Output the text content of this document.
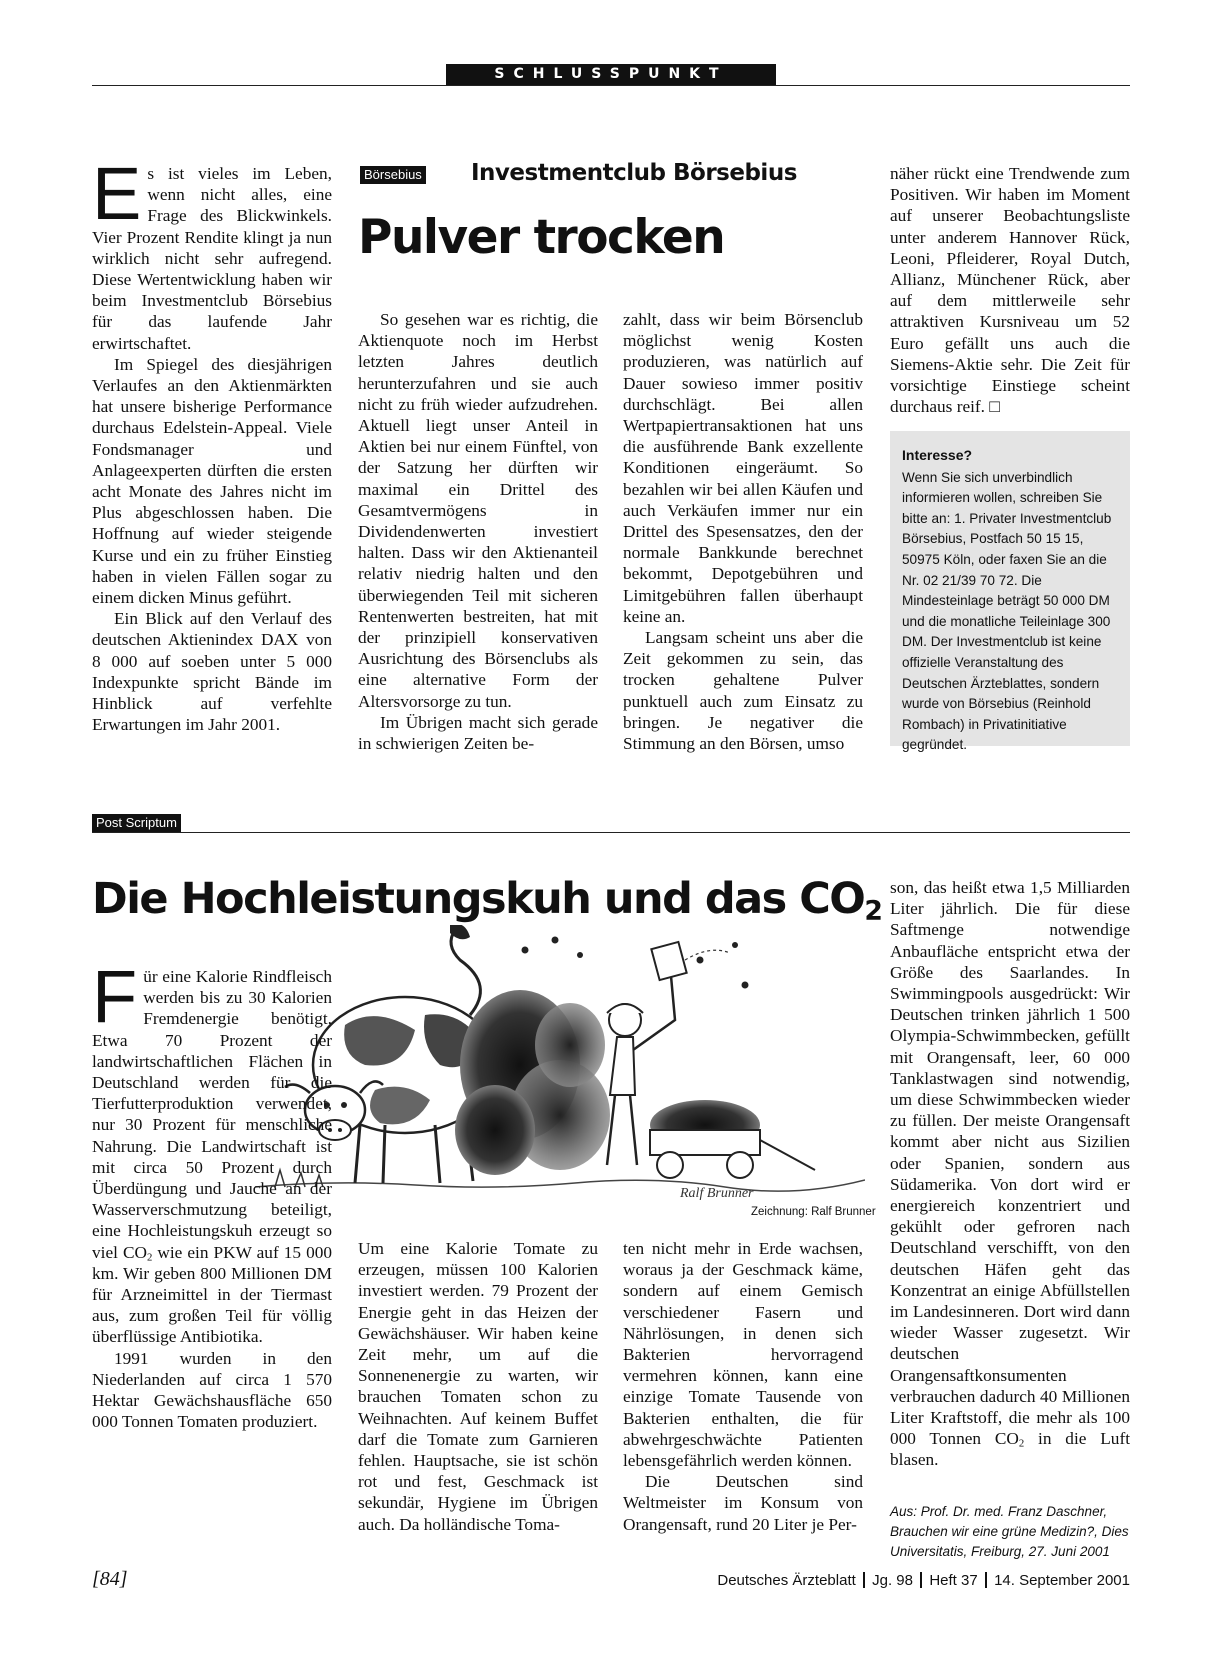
SCHLUSSPUNKT

Es ist vieles im Leben, wenn nicht alles, eine Frage des Blickwinkels. Vier Prozent Rendite klingt ja nun wirklich nicht sehr aufregend. Diese Wertentwicklung haben wir beim Investmentclub Börsebius für das laufende Jahr erwirtschaftet.

Im Spiegel des diesjährigen Verlaufes an den Aktienmärkten hat unsere bisherige Performance durchaus Edelstein-Appeal. Viele Fondsmanager und Anlageexperten dürften die ersten acht Monate des Jahres nicht im Plus abgeschlossen haben. Die Hoffnung auf wieder steigende Kurse und ein zu früher Einstieg haben in vielen Fällen sogar zu einem dicken Minus geführt.

Ein Blick auf den Verlauf des deutschen Aktienindex DAX von 8 000 auf soeben unter 5 000 Indexpunkte spricht Bände im Hinblick auf verfehlte Erwartungen im Jahr 2001.

Börsebius Investmentclub Börsebius
Pulver trocken

So gesehen war es richtig, die Aktienquote noch im Herbst letzten Jahres deutlich herunterzufahren und sie auch nicht zu früh wieder aufzudrehen. Aktuell liegt unser Anteil in Aktien bei nur einem Fünftel, von der Satzung her dürften wir maximal ein Drittel des Gesamtvermögens in Dividendenwerten investiert halten. Dass wir den Aktienanteil relativ niedrig halten und den überwiegenden Teil mit sicheren Rentenwerten bestreiten, hat mit der prinzipiell konservativen Ausrichtung des Börsenclubs als eine alternative Form der Altersvorsorge zu tun.

Im Übrigen macht sich gerade in schwierigen Zeiten be-

zahlt, dass wir beim Börsenclub möglichst wenig Kosten produzieren, was natürlich auf Dauer sowieso immer positiv durchschlägt. Bei allen Wertpapiertransaktionen hat uns die ausführende Bank exzellente Konditionen eingeräumt. So bezahlen wir bei allen Käufen und auch Verkäufen immer nur ein Drittel des Spesensatzes, den der normale Bankkunde berechnet bekommt, Depotgebühren und Limitgebühren fallen überhaupt keine an.

Langsam scheint uns aber die Zeit gekommen zu sein, das trocken gehaltene Pulver punktuell auch zum Einsatz zu bringen. Je negativer die Stimmung an den Börsen, umso

näher rückt eine Trendwende zum Positiven. Wir haben im Moment auf unserer Beobachtungsliste unter anderem Hannover Rück, Leoni, Pfleiderer, Royal Dutch, Allianz, Münchener Rück, aber auf dem mittlerweile sehr attraktiven Kursniveau um 52 Euro gefällt uns auch die Siemens-Aktie sehr. Die Zeit für vorsichtige Einstiege scheint durchaus reif. □

Interesse?
Wenn Sie sich unverbindlich informieren wollen, schreiben Sie bitte an: 1. Privater Investmentclub Börsebius, Postfach 50 15 15, 50975 Köln, oder faxen Sie an die Nr. 02 21/39 70 72. Die Mindesteinlage beträgt 50 000 DM und die monatliche Teileinlage 300 DM. Der Investmentclub ist keine offizielle Veranstaltung des Deutschen Ärzteblattes, sondern wurde von Börsebius (Reinhold Rombach) in Privatinitiative gegründet.
Post Scriptum
Die Hochleistungskuh und das $CO_2$
Ralf Brunner
Zeichnung: Ralf Brunner

Für eine Kalorie Rindfleisch werden bis zu 30 Kalorien Fremdenergie benötigt. Etwa 70 Prozent der landwirtschaftlichen Flächen in Deutschland werden für die Tierfutterproduktion verwendet, nur 30 Prozent für menschliche Nahrung. Die Landwirtschaft ist mit circa 50 Prozent durch Überdüngung und Jauche an der Wasserverschmutzung beteiligt, eine Hochleistungskuh erzeugt so viel $CO_2$ wie ein PKW auf 15 000 km. Wir geben 800 Millionen DM für Arzneimittel in der Tiermast aus, zum großen Teil für völlig überflüssige Antibiotika.

1991 wurden in den Niederlanden auf circa 1 570 Hektar Gewächshausfläche 650 000 Tonnen Tomaten produziert.

Um eine Kalorie Tomate zu erzeugen, müssen 100 Kalorien investiert werden. 79 Prozent der Energie geht in das Heizen der Gewächshäuser. Wir haben keine Zeit mehr, um auf die Sonnenenergie zu warten, wir brauchen Tomaten schon zu Weihnachten. Auf keinem Buffet darf die Tomate zum Garnieren fehlen. Hauptsache, sie ist schön rot und fest, Geschmack ist sekundär, Hygiene im Übrigen auch. Da holländische Toma-

ten nicht mehr in Erde wachsen, woraus ja der Geschmack käme, sondern auf einem Gemisch verschiedener Fasern und Nährlösungen, in denen sich Bakterien hervorragend vermehren können, kann eine einzige Tomate Tausende von Bakterien enthalten, die für abwehrgeschwächte Patienten lebensgefährlich werden können.

Die Deutschen sind Weltmeister im Konsum von Orangensaft, rund 20 Liter je Per-

son, das heißt etwa 1,5 Milliarden Liter jährlich. Die für diese Saftmenge notwendige Anbaufläche entspricht etwa der Größe des Saarlandes. In Swimmingpools ausgedrückt: Wir Deutschen trinken jährlich 1 500 Olympia-Schwimmbecken, gefüllt mit Orangensaft, leer, 60 000 Tanklastwagen sind notwendig, um diese Schwimmbecken wieder zu füllen. Der meiste Orangensaft kommt aber nicht aus Sizilien oder Spanien, sondern aus Südamerika. Von dort wird er energiereich konzentriert und gekühlt oder gefroren nach Deutschland verschifft, von den deutschen Häfen geht das Konzentrat an einige Abfüllstellen im Landesinneren. Dort wird dann wieder Wasser zugesetzt. Wir deutschen Orangensaftkonsumenten verbrauchen dadurch 40 Millionen Liter Kraftstoff, die mehr als 100 000 Tonnen $CO_2$ in die Luft blasen.

Aus: Prof. Dr. med. Franz Daschner, Brauchen wir eine grüne Medizin?, Dies Universitatis, Freiburg, 27. Juni 2001
[84]	Deutsches Ärzteblatt Jg. 98 Heft 37 14. September 2001
